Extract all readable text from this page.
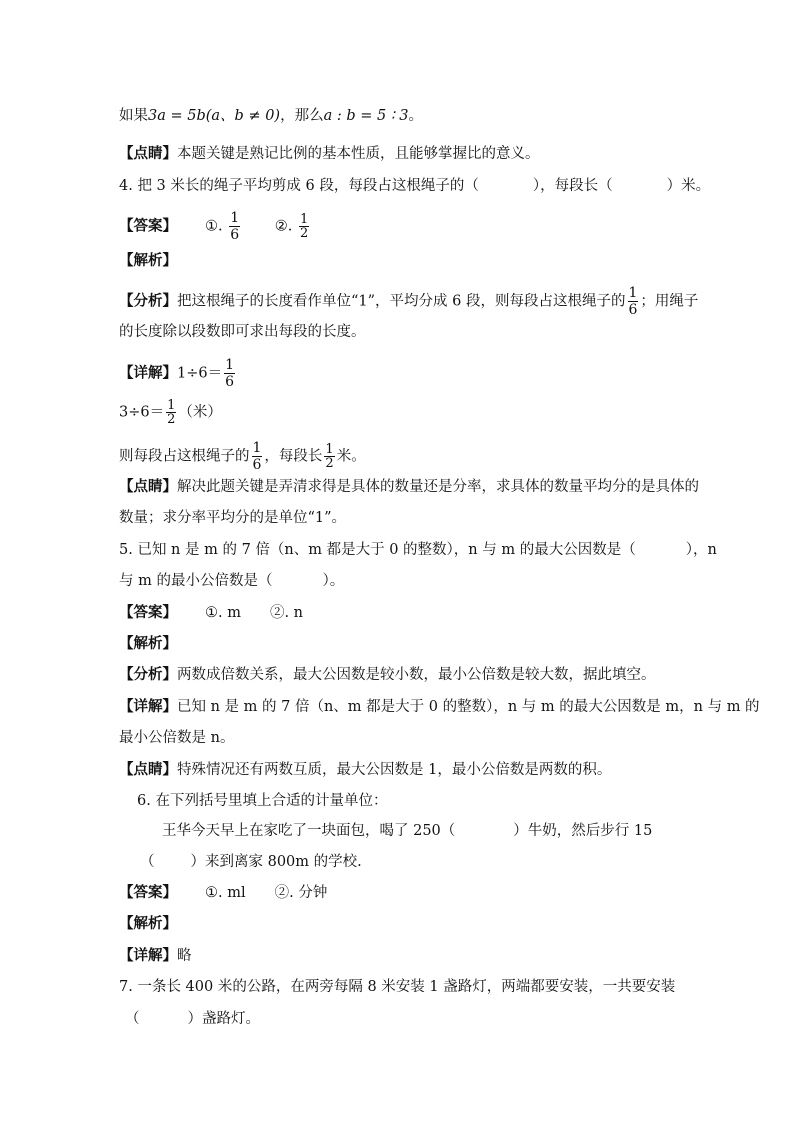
如果3a = 5b(a、b ≠ 0)，那么a : b = 5 ∶ 3。
【点睛】本题关键是熟记比例的基本性质，且能够掌握比的意义。
4. 把 3 米长的绳子平均剪成 6 段，每段占这根绳子的（	），每段长（	）米。
【答案】 ①. $\frac{1}{6}$ ②. $\frac{1}{2}$
【解析】
【分析】把这根绳子的长度看作单位“1”，平均分成 6 段，则每段占这根绳子的 $\frac{1}{6}$ ；用绳子
的长度除以段数即可求出每段的长度。
【详解】$1\div 6= \frac{1}{6}$
$3\div 6= \frac{1}{2}$ （米）
则每段占这根绳子的 $\frac{1}{6}$ ，每段长 $\frac{1}{2}$ 米。
【点睛】解决此题关键是弄清求得是具体的数量还是分率，求具体的数量平均分的是具体的
数量；求分率平均分的是单位“1”。
5. 已知 n 是 m 的 7 倍（n、m 都是大于 0 的整数），n 与 m 的最大公因数是（	），n
与 m 的最小公倍数是（	）。
【答案】 ①. m　　②. n
【解析】
【分析】两数成倍数关系，最大公因数是较小数，最小公倍数是较大数，据此填空。
【详解】已知 n 是 m 的 7 倍（n、m 都是大于 0 的整数），n 与 m 的最大公因数是 m，n 与 m 的
最小公倍数是 n。
【点睛】特殊情况还有两数互质，最大公因数是 1，最小公倍数是两数的积。
6. 在下列括号里填上合适的计量单位：
王华今天早上在家吃了一块面包，喝了 250（	）牛奶，然后步行 15
（ ）来到离家 800m 的学校.
【答案】 ①. ml　　②. 分钟
【解析】
【详解】略
7. 一条长 400 米的公路，在两旁每隔 8 米安装 1 盏路灯，两端都要安装，一共要安装
（	）盏路灯。
